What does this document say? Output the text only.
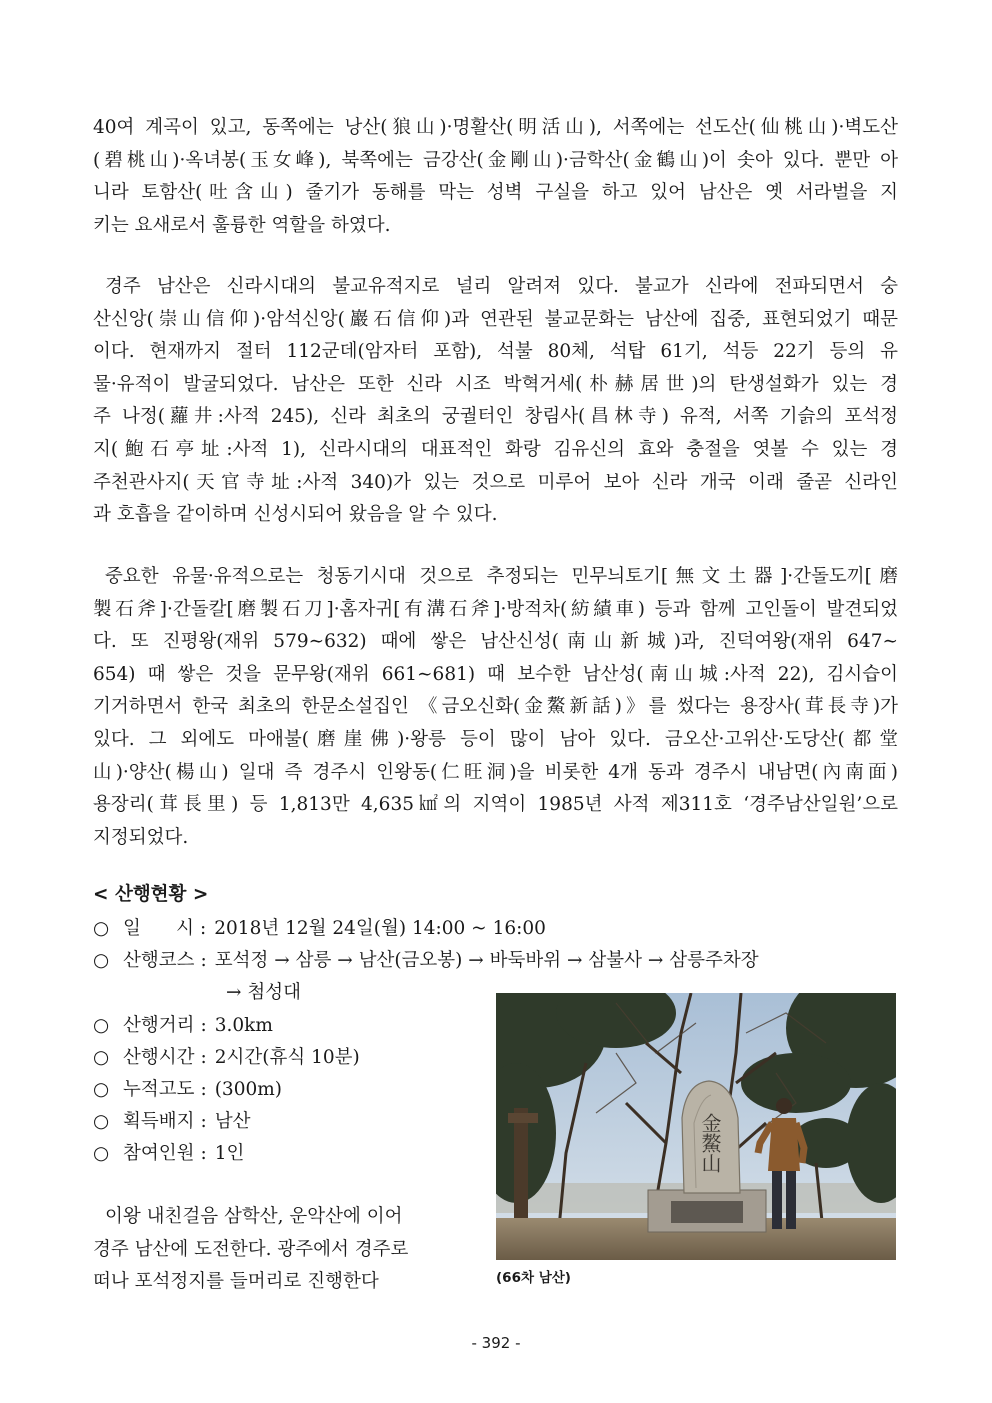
40여 계곡이 있고, 동쪽에는 낭산(狼山)·명활산(明活山), 서쪽에는 선도산(仙桃山)·벽도산
(碧桃山)·옥녀봉(玉女峰), 북쪽에는 금강산(金剛山)·금학산(金鶴山)이 솟아 있다. 뿐만 아
니라 토함산(吐含山) 줄기가 동해를 막는 성벽 구실을 하고 있어 남산은 옛 서라벌을 지
키는 요새로서 훌륭한 역할을 하였다.
경주 남산은 신라시대의 불교유적지로 널리 알려져 있다. 불교가 신라에 전파되면서 숭
산신앙(崇山信仰)·암석신앙(巖石信仰)과 연관된 불교문화는 남산에 집중, 표현되었기 때문
이다. 현재까지 절터 112군데(암자터 포함), 석불 80체, 석탑 61기, 석등 22기 등의 유
물·유적이 발굴되었다. 남산은 또한 신라 시조 박혁거세(朴赫居世)의 탄생설화가 있는 경
주 나정(蘿井:사적 245), 신라 최초의 궁궐터인 창림사(昌林寺) 유적, 서쪽 기슭의 포석정
지(鮑石亭址:사적 1), 신라시대의 대표적인 화랑 김유신의 효와 충절을 엿볼 수 있는 경
주천관사지(天官寺址:사적 340)가 있는 것으로 미루어 보아 신라 개국 이래 줄곧 신라인
과 호흡을 같이하며 신성시되어 왔음을 알 수 있다.
중요한 유물·유적으로는 청동기시대 것으로 추정되는 민무늬토기[無文土器]·간돌도끼[磨
製石斧]·간돌칼[磨製石刀]·홈자귀[有溝石斧]·방적차(紡績車) 등과 함께 고인돌이 발견되었
다. 또 진평왕(재위 579∼632) 때에 쌓은 남산신성(南山新城)과, 진덕여왕(재위 647∼
654) 때 쌓은 것을 문무왕(재위 661∼681) 때 보수한 남산성(南山城:사적 22), 김시습이
기거하면서 한국 최초의 한문소설집인 《금오신화(金鰲新話)》를 썼다는 용장사(茸長寺)가
있다. 그 외에도 마애불(磨崖佛)·왕릉 등이 많이 남아 있다. 금오산·고위산·도당산(都堂
山)·양산(楊山) 일대 즉 경주시 인왕동(仁旺洞)을 비롯한 4개 동과 경주시 내남면(內南面)
용장리(茸長里) 등 1,813만 4,635㎢의 지역이 1985년 사적 제311호 ‘경주남산일원’으로
지정되었다.
< 산행현황 >
○ 일      시 : 2018년 12월 24일(월) 14:00 ~ 16:00
○ 산행코스 : 포석정 → 삼릉 → 남산(금오봉) → 바둑바위 → 삼불사 → 삼릉주차장
→ 첨성대
○ 산행거리 : 3.0km
○ 산행시간 : 2시간(휴식 10분)
○ 누적고도 : (300m)
○ 획득배지 : 남산
○ 참여인원 : 1인
이왕 내친걸음 삼학산, 운악산에 이어
경주 남산에 도전한다. 광주에서 경주로
떠나 포석정지를 들머리로 진행한다
金鰲山
(66차 남산)
- 392 -
